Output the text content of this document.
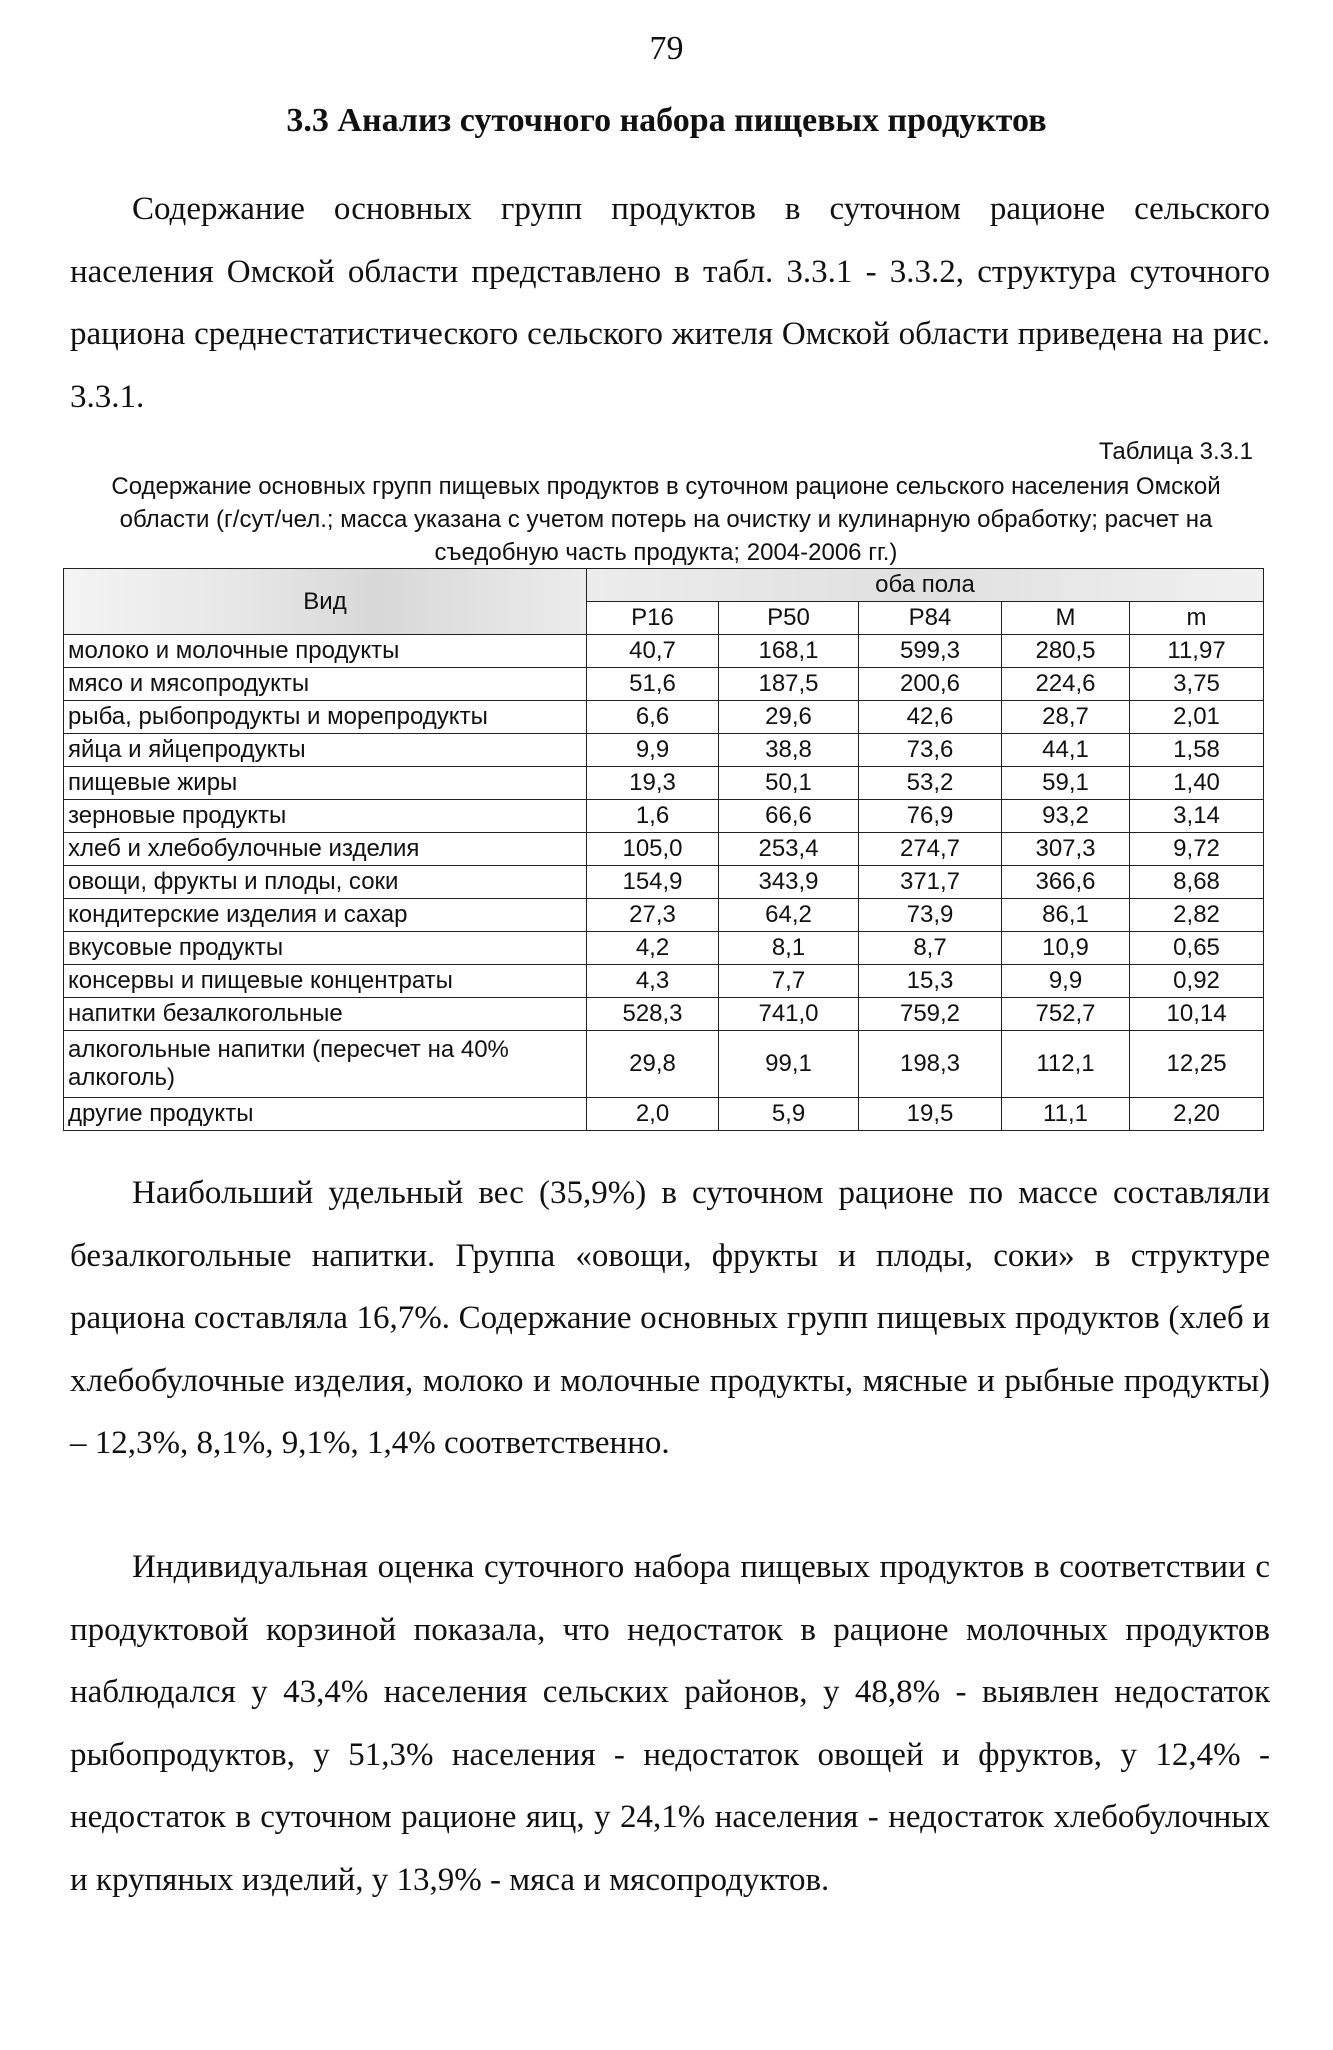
79
3.3 Анализ суточного набора пищевых продуктов

Содержание основных групп продуктов в суточном рационе сельского населения Омской области представлено в табл. 3.3.1 - 3.3.2, структура суточного рациона среднестатистического сельского жителя Омской области приведена на рис. 3.3.1.

Таблица 3.3.1

Содержание основных групп пищевых продуктов в суточном рационе сельского населения Омской области (г/сут/чел.; масса указана с учетом потерь на очистку и кулинарную обработку; расчет на съедобную часть продукта; 2004-2006 гг.)

Вид	оба пола				
	P16	P50	P84	M	m
молоко и молочные продукты	40,7	168,1	599,3	280,5	11,97
мясо и мясопродукты	51,6	187,5	200,6	224,6	3,75
рыба, рыбопродукты и морепродукты	6,6	29,6	42,6	28,7	2,01
яйца и яйцепродукты	9,9	38,8	73,6	44,1	1,58
пищевые жиры	19,3	50,1	53,2	59,1	1,40
зерновые продукты	1,6	66,6	76,9	93,2	3,14
хлеб и хлебобулочные изделия	105,0	253,4	274,7	307,3	9,72
овощи, фрукты и плоды, соки	154,9	343,9	371,7	366,6	8,68
кондитерские изделия и сахар	27,3	64,2	73,9	86,1	2,82
вкусовые продукты	4,2	8,1	8,7	10,9	0,65
консервы и пищевые концентраты	4,3	7,7	15,3	9,9	0,92
напитки безалкогольные	528,3	741,0	759,2	752,7	10,14
алкогольные напитки (пересчет на 40% алкоголь)	29,8	99,1	198,3	112,1	12,25
другие продукты	2,0	5,9	19,5	11,1	2,20

Наибольший удельный вес (35,9%) в суточном рационе по массе составляли безалкогольные напитки. Группа «овощи, фрукты и плоды, соки» в структуре рациона составляла 16,7%. Содержание основных групп пищевых продуктов (хлеб и хлебобулочные изделия, молоко и молочные продукты, мясные и рыбные продукты) – 12,3%, 8,1%, 9,1%, 1,4% соответственно.

Индивидуальная оценка суточного набора пищевых продуктов в соответствии с продуктовой корзиной показала, что недостаток в рационе молочных продуктов наблюдался у 43,4% населения сельских районов, у 48,8% - выявлен недостаток рыбопродуктов, у 51,3% населения - недостаток овощей и фруктов, у 12,4% - недостаток в суточном рационе яиц, у 24,1% населения - недостаток хлебобулочных и крупяных изделий, у 13,9% - мяса и мясопродуктов.
